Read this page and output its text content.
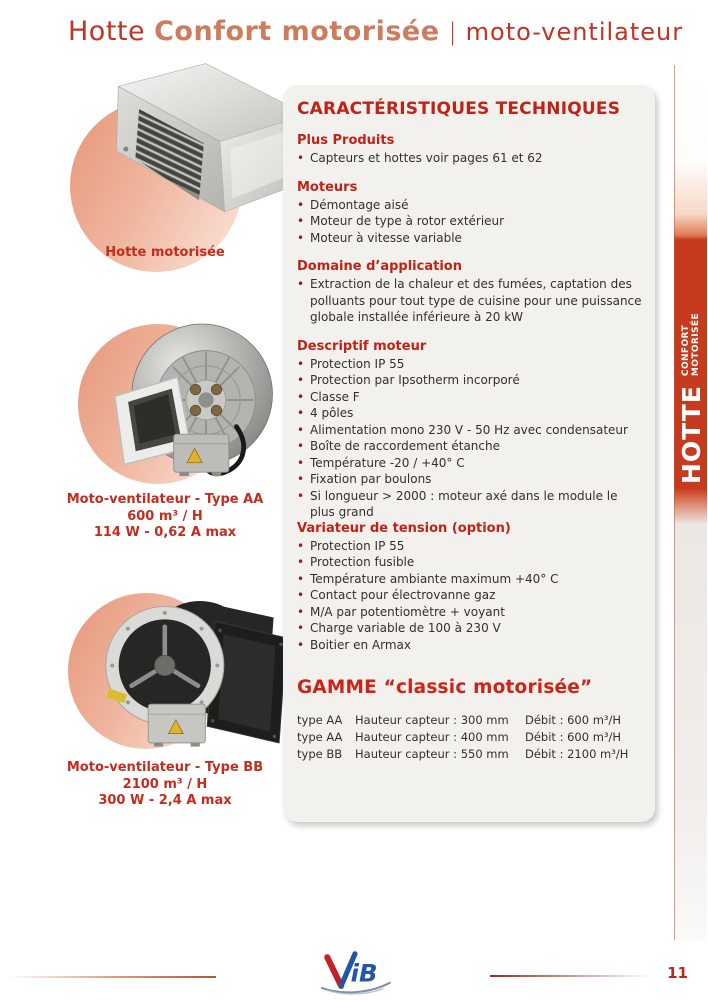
Hotte Confort motorisée | moto-ventilateur
Hotte motorisée
Moto-ventilateur - Type AA
600 m³ / H
114 W - 0,62 A max
Moto-ventilateur - Type BB
2100 m³ / H
300 W - 2,4 A max
CARACTÉRISTIQUES TECHNIQUES
Plus Produits
• Capteurs et hottes voir pages 61 et 62
Moteurs
• Démontage aisé
• Moteur de type à rotor extérieur
• Moteur à vitesse variable
Domaine d’application
• Extraction de la chaleur et des fumées, captation des polluants pour tout type de cuisine pour une puissance globale installée inférieure à 20 kW
Descriptif moteur
• Protection IP 55
• Protection par Ipsotherm incorporé
• Classe F
• 4 pôles
• Alimentation mono 230 V - 50 Hz avec condensateur
• Boîte de raccordement étanche
• Température -20 / +40° C
• Fixation par boulons
• Si longueur > 2000 : moteur axé dans le module le plus grand
Variateur de tension (option)
• Protection IP 55
• Protection fusible
• Température ambiante maximum +40° C
• Contact pour électrovanne gaz
• M/A par potentiomètre + voyant
• Charge variable de 100 à 230 V
• Boitier en Armax
GAMME “classic motorisée”
type AA	Hauteur capteur : 300 mm	Débit : 600 m³/H
type AA	Hauteur capteur : 400 mm	Débit : 600 m³/H
type BB	Hauteur capteur : 550 mm	Débit : 2100 m³/H
HOTTE
CONFORT MOTORISÉE
iB	11
